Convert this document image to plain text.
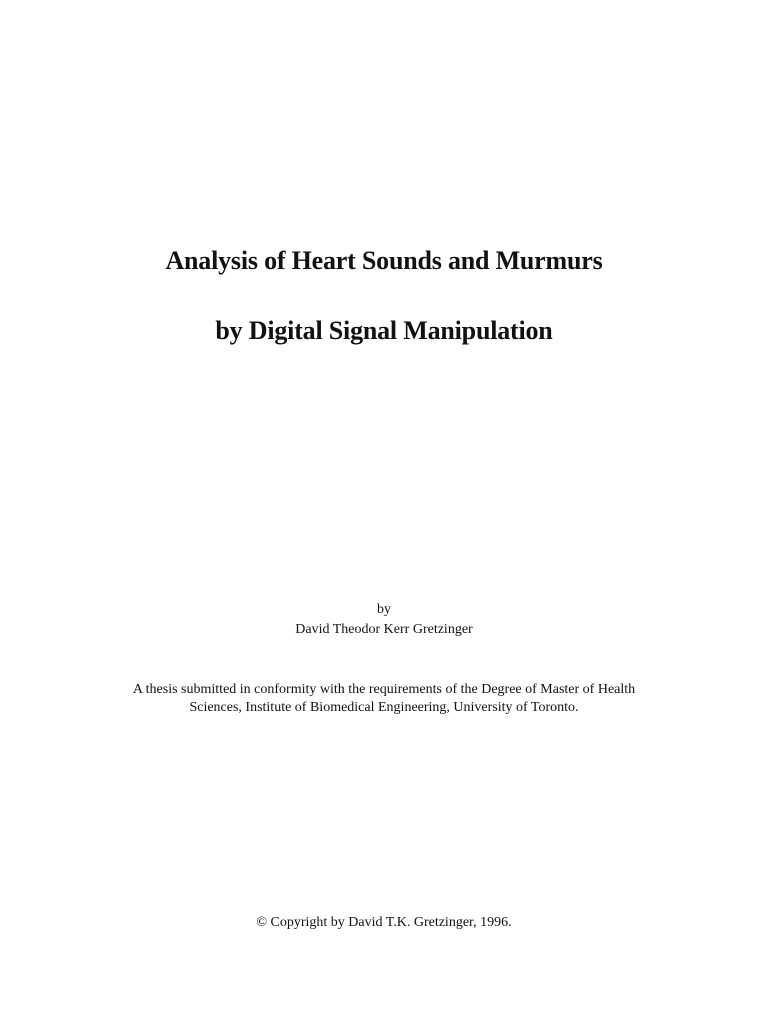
Analysis of Heart Sounds and Murmurs
by Digital Signal Manipulation
by
David Theodor Kerr Gretzinger
A thesis submitted in conformity with the requirements of the Degree of Master of Health
Sciences, Institute of Biomedical Engineering, University of Toronto.
© Copyright by David T.K. Gretzinger, 1996.
